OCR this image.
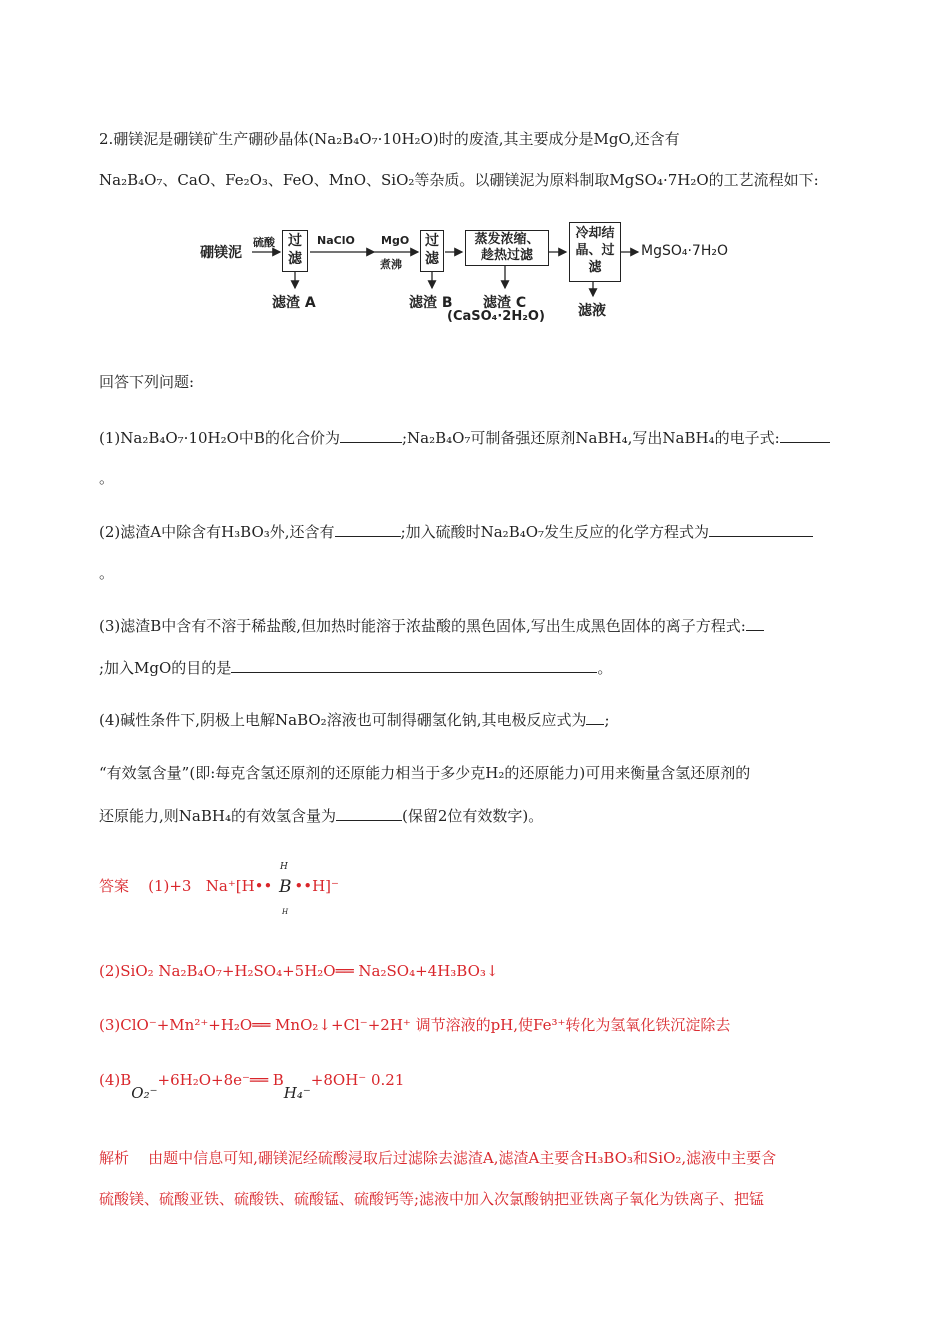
2.硼镁泥是硼镁矿生产硼砂晶体(Na₂B₄O₇·10H₂O)时的废渣,其主要成分是MgO,还含有
Na₂B₄O₇、CaO、Fe₂O₃、FeO、MnO、SiO₂等杂质。以硼镁泥为原料制取MgSO₄·7H₂O的工艺流程如下:
硼镁泥
硫酸 过滤
滤渣 A
NaClO MgO
煮沸
过滤
滤渣 B
蒸发浓缩、趁热过滤
滤渣 C
(CaSO₄·2H₂O)
冷却结晶、过滤
滤液
MgSO₄·7H₂O
回答下列问题:
(1)Na₂B₄O₇·10H₂O中B的化合价为	;Na₂B₄O₇可制备强还原剂NaBH₄,写出NaBH₄的电子式:
。
(2)滤渣A中除含有H₃BO₃外,还含有	;加入硫酸时Na₂B₄O₇发生反应的化学方程式为
。
(3)滤渣B中含有不溶于稀盐酸,但加热时能溶于浓盐酸的黑色固体,写出生成黑色固体的离子方程式:
;加入MgO的目的是	。
(4)碱性条件下,阴极上电解NaBO₂溶液也可制得硼氢化钠,其电极反应式为 ;
“有效氢含量”(即:每克含氢还原剂的还原能力相当于多少克H₂的还原能力)可用来衡量含氢还原剂的
还原能力,则NaBH₄的有效氢含量为	(保留2位有效数字)。
答案 (1)+3 Na⁺[H•• ••H]⁻
H
B
H
(2)SiO₂ Na₂B₄O₇+H₂SO₄+5H₂O══ Na₂SO₄+4H₃BO₃↓
(3)ClO⁻+Mn²⁺+H₂O══ MnO₂↓+Cl⁻+2H⁺ 调节溶液的pH,使Fe³⁺转化为氢氧化铁沉淀除去
(4)BO₂⁻+6H₂O+8e⁻══ BH₄⁻+8OH⁻ 0.21
解析 由题中信息可知,硼镁泥经硫酸浸取后过滤除去滤渣A,滤渣A主要含H₃BO₃和SiO₂,滤液中主要含
硫酸镁、硫酸亚铁、硫酸铁、硫酸锰、硫酸钙等;滤液中加入次氯酸钠把亚铁离子氧化为铁离子、把锰
